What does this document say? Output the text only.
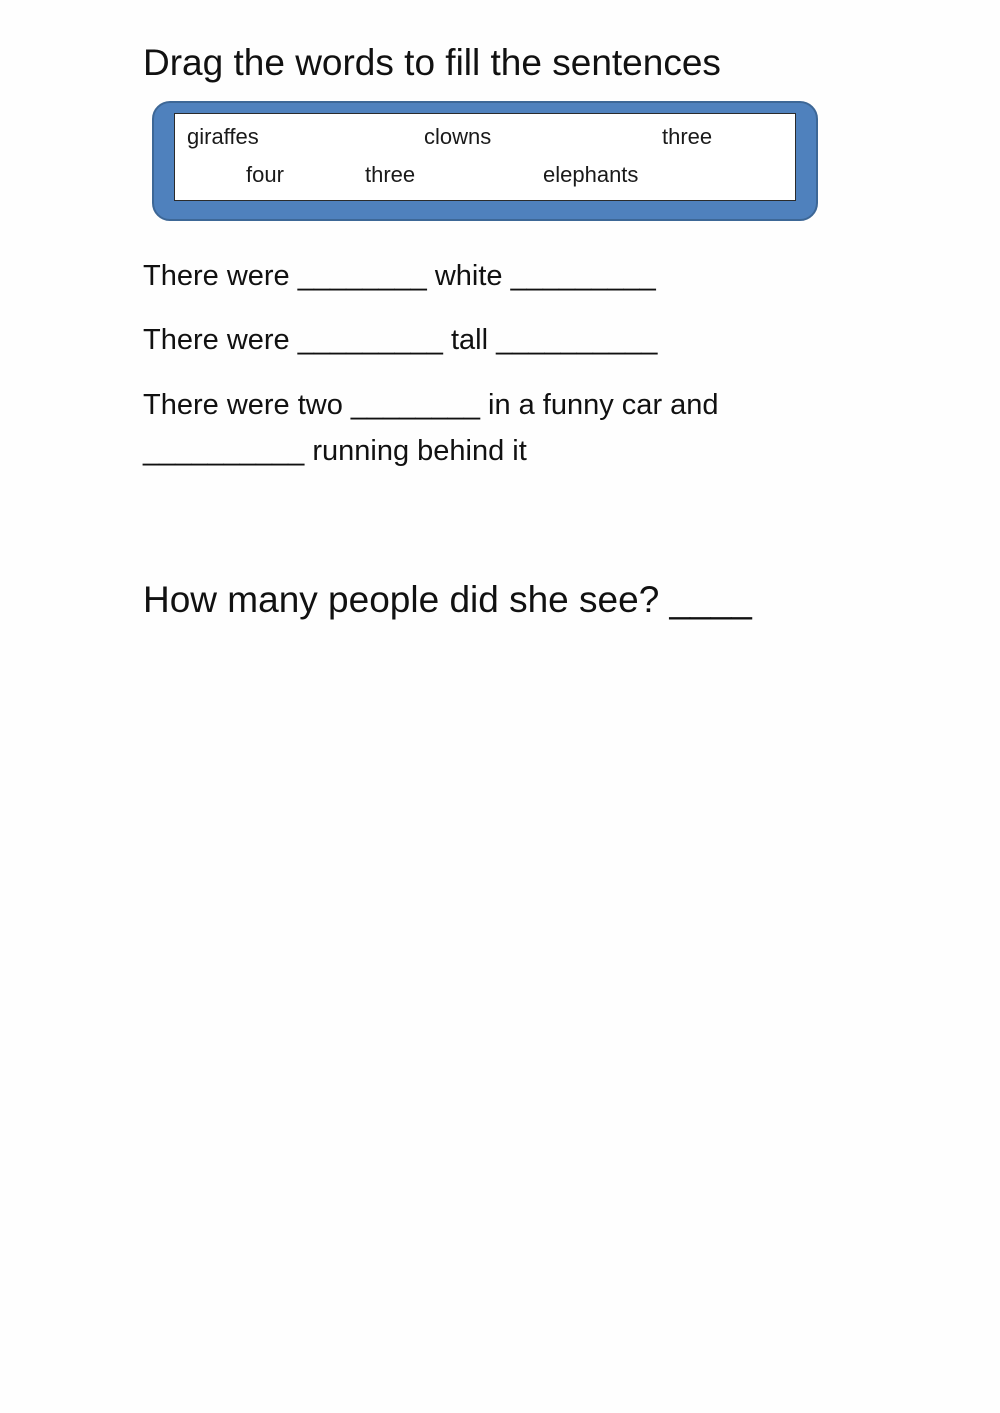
Drag the words to fill the sentences
giraffes	clowns	three
four	three	elephants
There were ________ white _________
There were _________ tall __________
There were two ________ in a funny car and
__________ running behind it
How many people did she see? ____
